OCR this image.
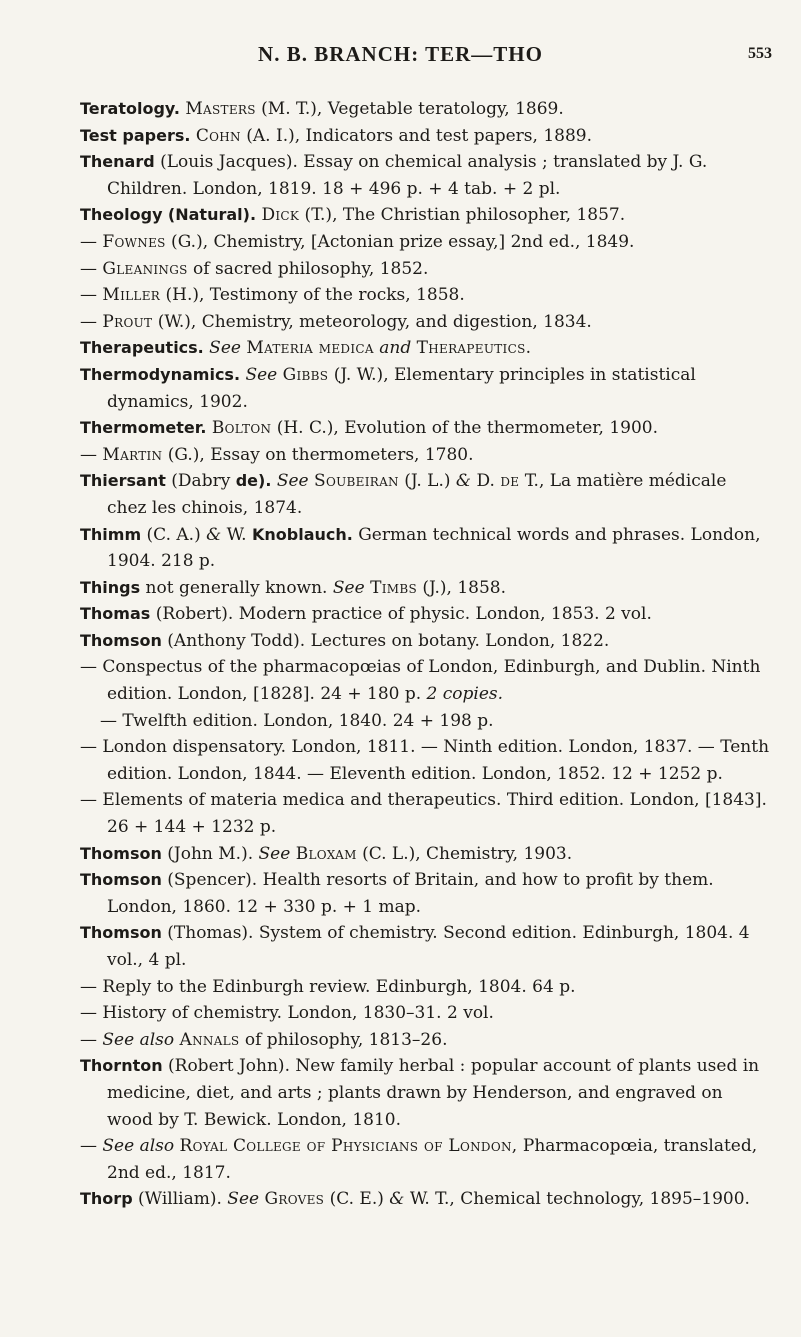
N. B. BRANCH: TER—THO	553
Teratology. Masters (M. T.), Vegetable teratology, 1869.
Test papers. Cohn (A. I.), Indicators and test papers, 1889.
Thenard (Louis Jacques). Essay on chemical analysis ; translated by J. G. Children. London, 1819. 18 + 496 p. + 4 tab. + 2 pl.
Theology (Natural). Dick (T.), The Christian philosopher, 1857.
— Fownes (G.), Chemistry, [Actonian prize essay,] 2nd ed., 1849.
— Gleanings of sacred philosophy, 1852.
— Miller (H.), Testimony of the rocks, 1858.
— Prout (W.), Chemistry, meteorology, and digestion, 1834.
Therapeutics. See Materia medica and Therapeutics.
Thermodynamics. See Gibbs (J. W.), Elementary principles in statistical dynamics, 1902.
Thermometer. Bolton (H. C.), Evolution of the thermometer, 1900.
— Martin (G.), Essay on thermometers, 1780.
Thiersant (Dabry de). See Soubeiran (J. L.) & D. de T., La matière médicale chez les chinois, 1874.
Thimm (C. A.) & W. Knoblauch. German technical words and phrases. London, 1904. 218 p.
Things not generally known. See Timbs (J.), 1858.
Thomas (Robert). Modern practice of physic. London, 1853. 2 vol.
Thomson (Anthony Todd). Lectures on botany. London, 1822.
— Conspectus of the pharmacopœias of London, Edinburgh, and Dublin. Ninth edition. London, [1828]. 24 + 180 p. 2 copies.
— Twelfth edition. London, 1840. 24 + 198 p.
— London dispensatory. London, 1811. — Ninth edition. London, 1837. — Tenth edition. London, 1844. — Eleventh edition. London, 1852. 12 + 1252 p.
— Elements of materia medica and therapeutics. Third edition. London, [1843]. 26 + 144 + 1232 p.
Thomson (John M.). See Bloxam (C. L.), Chemistry, 1903.
Thomson (Spencer). Health resorts of Britain, and how to profit by them. London, 1860. 12 + 330 p. + 1 map.
Thomson (Thomas). System of chemistry. Second edition. Edinburgh, 1804. 4 vol., 4 pl.
— Reply to the Edinburgh review. Edinburgh, 1804. 64 p.
— History of chemistry. London, 1830–31. 2 vol.
— See also Annals of philosophy, 1813–26.
Thornton (Robert John). New family herbal : popular account of plants used in medicine, diet, and arts ; plants drawn by Henderson, and engraved on wood by T. Bewick. London, 1810.
— See also Royal College of Physicians of London, Pharmacopœia, translated, 2nd ed., 1817.
Thorp (William). See Groves (C. E.) & W. T., Chemical technology, 1895–1900.
